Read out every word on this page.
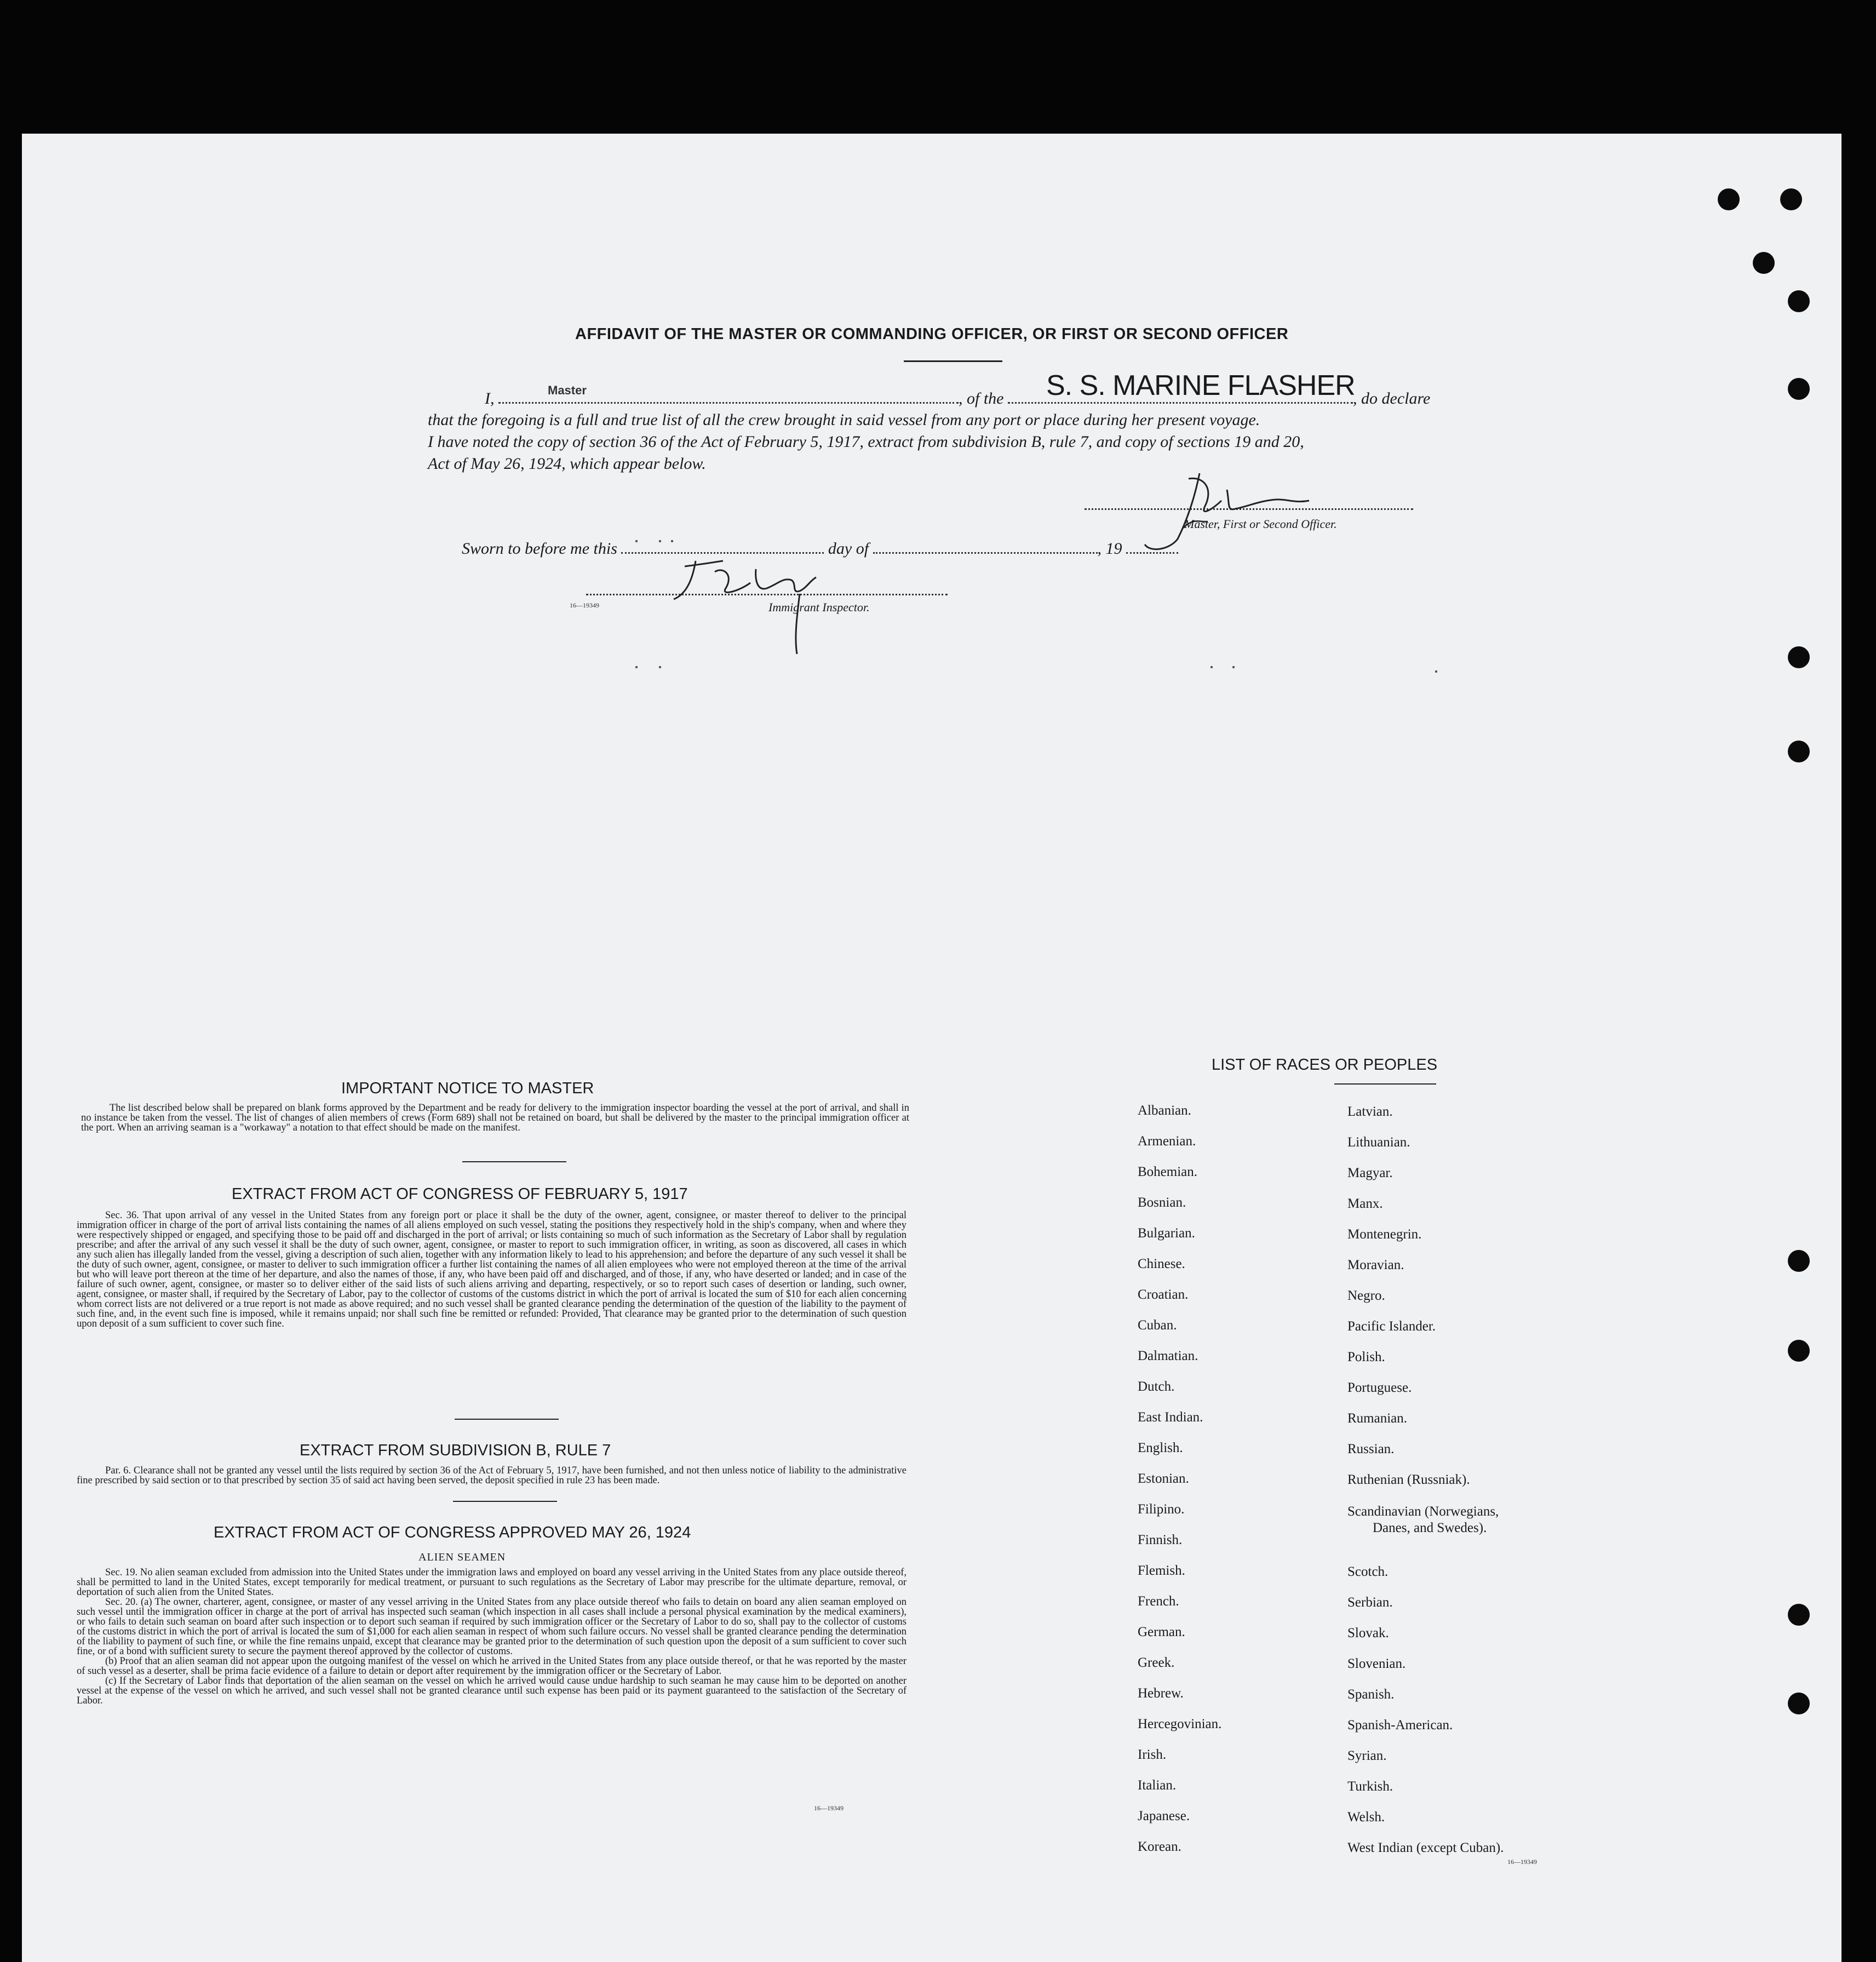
AFFIDAVIT OF THE MASTER OR COMMANDING OFFICER, OR FIRST OR SECOND OFFICER
I,	Master	, of the S. S. MARINE FLASHER
, do declare
that the foregoing is a full and true list of all the crew brought in said vessel from any port or place during her present voyage.
I have noted the copy of section 36 of the Act of February 5, 1917, extract from subdivision B, rule 7, and copy of sections 19 and 20,
Act of May 26, 1924, which appear below.
Master, First or Second Officer.
Sworn to before me this	day of	, 19
16—19349	Immigrant Inspector.
IMPORTANT NOTICE TO MASTER

The list described below shall be prepared on blank forms approved by the Department and be ready for delivery to the immigration inspector boarding the vessel at the port of arrival, and shall in no instance be taken from the vessel. The list of changes of alien members of crews (Form 689) shall not be retained on board, but shall be delivered by the master to the principal immigration officer at the port. When an arriving seaman is a "workaway" a notation to that effect should be made on the manifest.

EXTRACT FROM ACT OF CONGRESS OF FEBRUARY 5, 1917

Sec. 36. That upon arrival of any vessel in the United States from any foreign port or place it shall be the duty of the owner, agent, consignee, or master thereof to deliver to the principal immigration officer in charge of the port of arrival lists containing the names of all aliens employed on such vessel, stating the positions they respectively hold in the ship's company, when and where they were respectively shipped or engaged, and specifying those to be paid off and discharged in the port of arrival; or lists containing so much of such information as the Secretary of Labor shall by regulation prescribe; and after the arrival of any such vessel it shall be the duty of such owner, agent, consignee, or master to report to such immigration officer, in writing, as soon as discovered, all cases in which any such alien has illegally landed from the vessel, giving a description of such alien, together with any information likely to lead to his apprehension; and before the departure of any such vessel it shall be the duty of such owner, agent, consignee, or master to deliver to such immigration officer a further list containing the names of all alien employees who were not employed thereon at the time of the arrival but who will leave port thereon at the time of her departure, and also the names of those, if any, who have been paid off and discharged, and of those, if any, who have deserted or landed; and in case of the failure of such owner, agent, consignee, or master so to deliver either of the said lists of such aliens arriving and departing, respectively, or so to report such cases of desertion or landing, such owner, agent, consignee, or master shall, if required by the Secretary of Labor, pay to the collector of customs of the customs district in which the port of arrival is located the sum of $10 for each alien concerning whom correct lists are not delivered or a true report is not made as above required; and no such vessel shall be granted clearance pending the determination of the question of the liability to the payment of such fine, and, in the event such fine is imposed, while it remains unpaid; nor shall such fine be remitted or refunded: Provided, That clearance may be granted prior to the determination of such question upon deposit of a sum sufficient to cover such fine.

EXTRACT FROM SUBDIVISION B, RULE 7

Par. 6. Clearance shall not be granted any vessel until the lists required by section 36 of the Act of February 5, 1917, have been furnished, and not then unless notice of liability to the administrative fine prescribed by said section or to that prescribed by section 35 of said act having been served, the deposit specified in rule 23 has been made.

EXTRACT FROM ACT OF CONGRESS APPROVED MAY 26, 1924
ALIEN SEAMEN

Sec. 19. No alien seaman excluded from admission into the United States under the immigration laws and employed on board any vessel arriving in the United States from any place outside thereof, shall be permitted to land in the United States, except temporarily for medical treatment, or pursuant to such regulations as the Secretary of Labor may prescribe for the ultimate departure, removal, or deportation of such alien from the United States.

Sec. 20. (a) The owner, charterer, agent, consignee, or master of any vessel arriving in the United States from any place outside thereof who fails to detain on board any alien seaman employed on such vessel until the immigration officer in charge at the port of arrival has inspected such seaman (which inspection in all cases shall include a personal physical examination by the medical examiners), or who fails to detain such seaman on board after such inspection or to deport such seaman if required by such immigration officer or the Secretary of Labor to do so, shall pay to the collector of customs of the customs district in which the port of arrival is located the sum of $1,000 for each alien seaman in respect of whom such failure occurs. No vessel shall be granted clearance pending the determination of the liability to payment of such fine, or while the fine remains unpaid, except that clearance may be granted prior to the determination of such question upon the deposit of a sum sufficient to cover such fine, or of a bond with sufficient surety to secure the payment thereof approved by the collector of customs.

(b) Proof that an alien seaman did not appear upon the outgoing manifest of the vessel on which he arrived in the United States from any place outside thereof, or that he was reported by the master of such vessel as a deserter, shall be prima facie evidence of a failure to detain or deport after requirement by the immigration officer or the Secretary of Labor.

(c) If the Secretary of Labor finds that deportation of the alien seaman on the vessel on which he arrived would cause undue hardship to such seaman he may cause him to be deported on another vessel at the expense of the vessel on which he arrived, and such vessel shall not be granted clearance until such expense has been paid or its payment guaranteed to the satisfaction of the Secretary of Labor.

16—19349
LIST OF RACES OR PEOPLES
Albanian.
Armenian.
Bohemian.
Bosnian.
Bulgarian.
Chinese.
Croatian.
Cuban.
Dalmatian.
Dutch.
East Indian.
English.
Estonian.
Filipino.
Finnish.
Flemish.
French.
German.
Greek.
Hebrew.
Hercegovinian.
Irish.
Italian.
Japanese.
Korean.
Latvian.
Lithuanian.
Magyar.
Manx.
Montenegrin.
Moravian.
Negro.
Pacific Islander.
Polish.
Portuguese.
Rumanian.
Russian.
Ruthenian (Russniak).
Scandinavian (Norwegians,
Danes, and Swedes).
Scotch.
Serbian.
Slovak.
Slovenian.
Spanish.
Spanish-American.
Syrian.
Turkish.
Welsh.
West Indian (except Cuban).
16—19349
